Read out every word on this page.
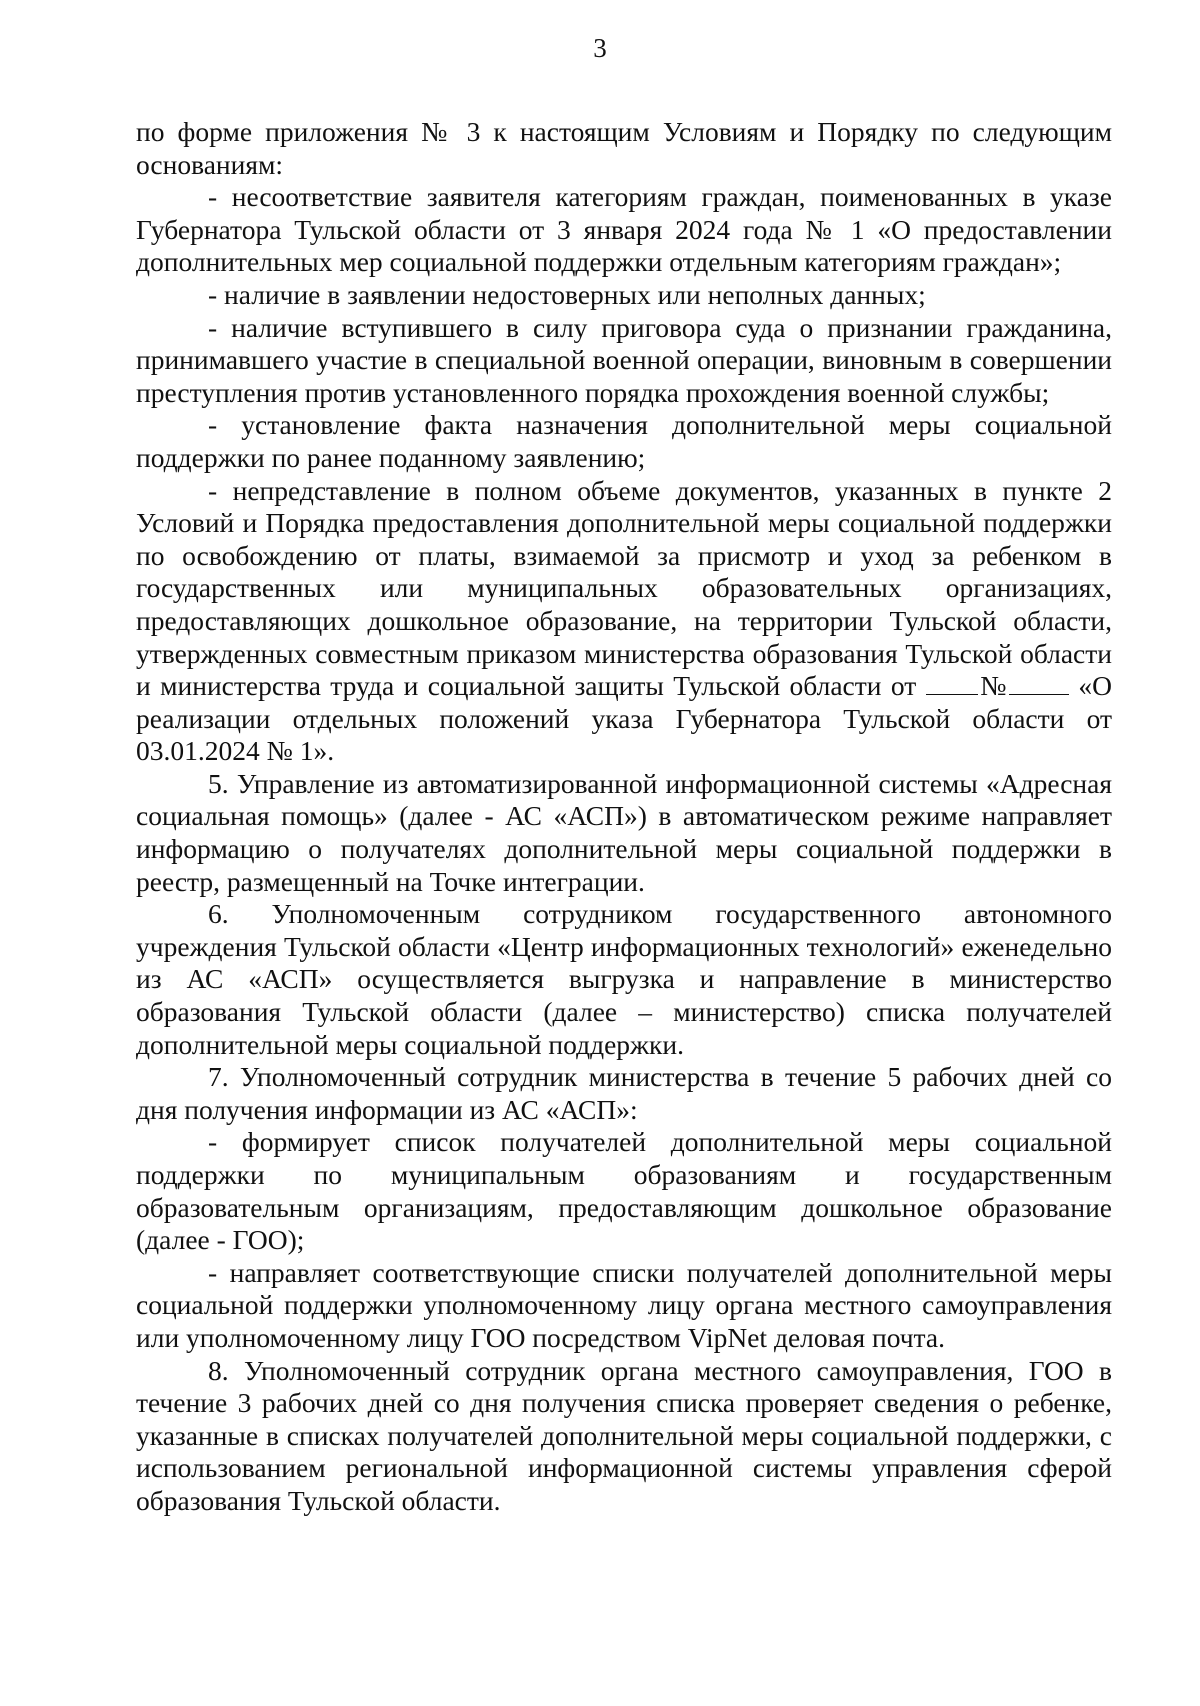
3

по форме приложения № 3 к настоящим Условиям и Порядку по следующим основаниям:

- несоответствие заявителя категориям граждан, поименованных в указе Губернатора Тульской области от 3 января 2024 года № 1 «О предоставлении дополнительных мер социальной поддержки отдельным категориям граждан»;

- наличие в заявлении недостоверных или неполных данных;

- наличие вступившего в силу приговора суда о признании гражданина, принимавшего участие в специальной военной операции, виновным в совершении преступления против установленного порядка прохождения военной службы;

- установление факта назначения дополнительной меры социальной поддержки по ранее поданному заявлению;

- непредставление в полном объеме документов, указанных в пункте 2 Условий и Порядка предоставления дополнительной меры социальной поддержки по освобождению от платы, взимаемой за присмотр и уход за ребенком в государственных или муниципальных образовательных организациях, предоставляющих дошкольное образование, на территории Тульской области, утвержденных совместным приказом министерства образования Тульской области и министерства труда и социальной защиты Тульской области от № «О реализации отдельных положений указа Губернатора Тульской области от 03.01.2024 № 1».

5. Управление из автоматизированной информационной системы «Адресная социальная помощь» (далее - АС «АСП») в автоматическом режиме направляет информацию о получателях дополнительной меры социальной поддержки в реестр, размещенный на Точке интеграции.

6. Уполномоченным сотрудником государственного автономного учреждения Тульской области «Центр информационных технологий» еженедельно из АС «АСП» осуществляется выгрузка и направление в министерство образования Тульской области (далее – министерство) списка получателей дополнительной меры социальной поддержки.

7. Уполномоченный сотрудник министерства в течение 5 рабочих дней со дня получения информации из АС «АСП»:

- формирует список получателей дополнительной меры социальной поддержки по муниципальным образованиям и государственным образовательным организациям, предоставляющим дошкольное образование (далее - ГОО);

- направляет соответствующие списки получателей дополнительной меры социальной поддержки уполномоченному лицу органа местного самоуправления или уполномоченному лицу ГОО посредством VipNet деловая почта.

8. Уполномоченный сотрудник органа местного самоуправления, ГОО в течение 3 рабочих дней со дня получения списка проверяет сведения о ребенке, указанные в списках получателей дополнительной меры социальной поддержки, с использованием региональной информационной системы управления сферой образования Тульской области.
